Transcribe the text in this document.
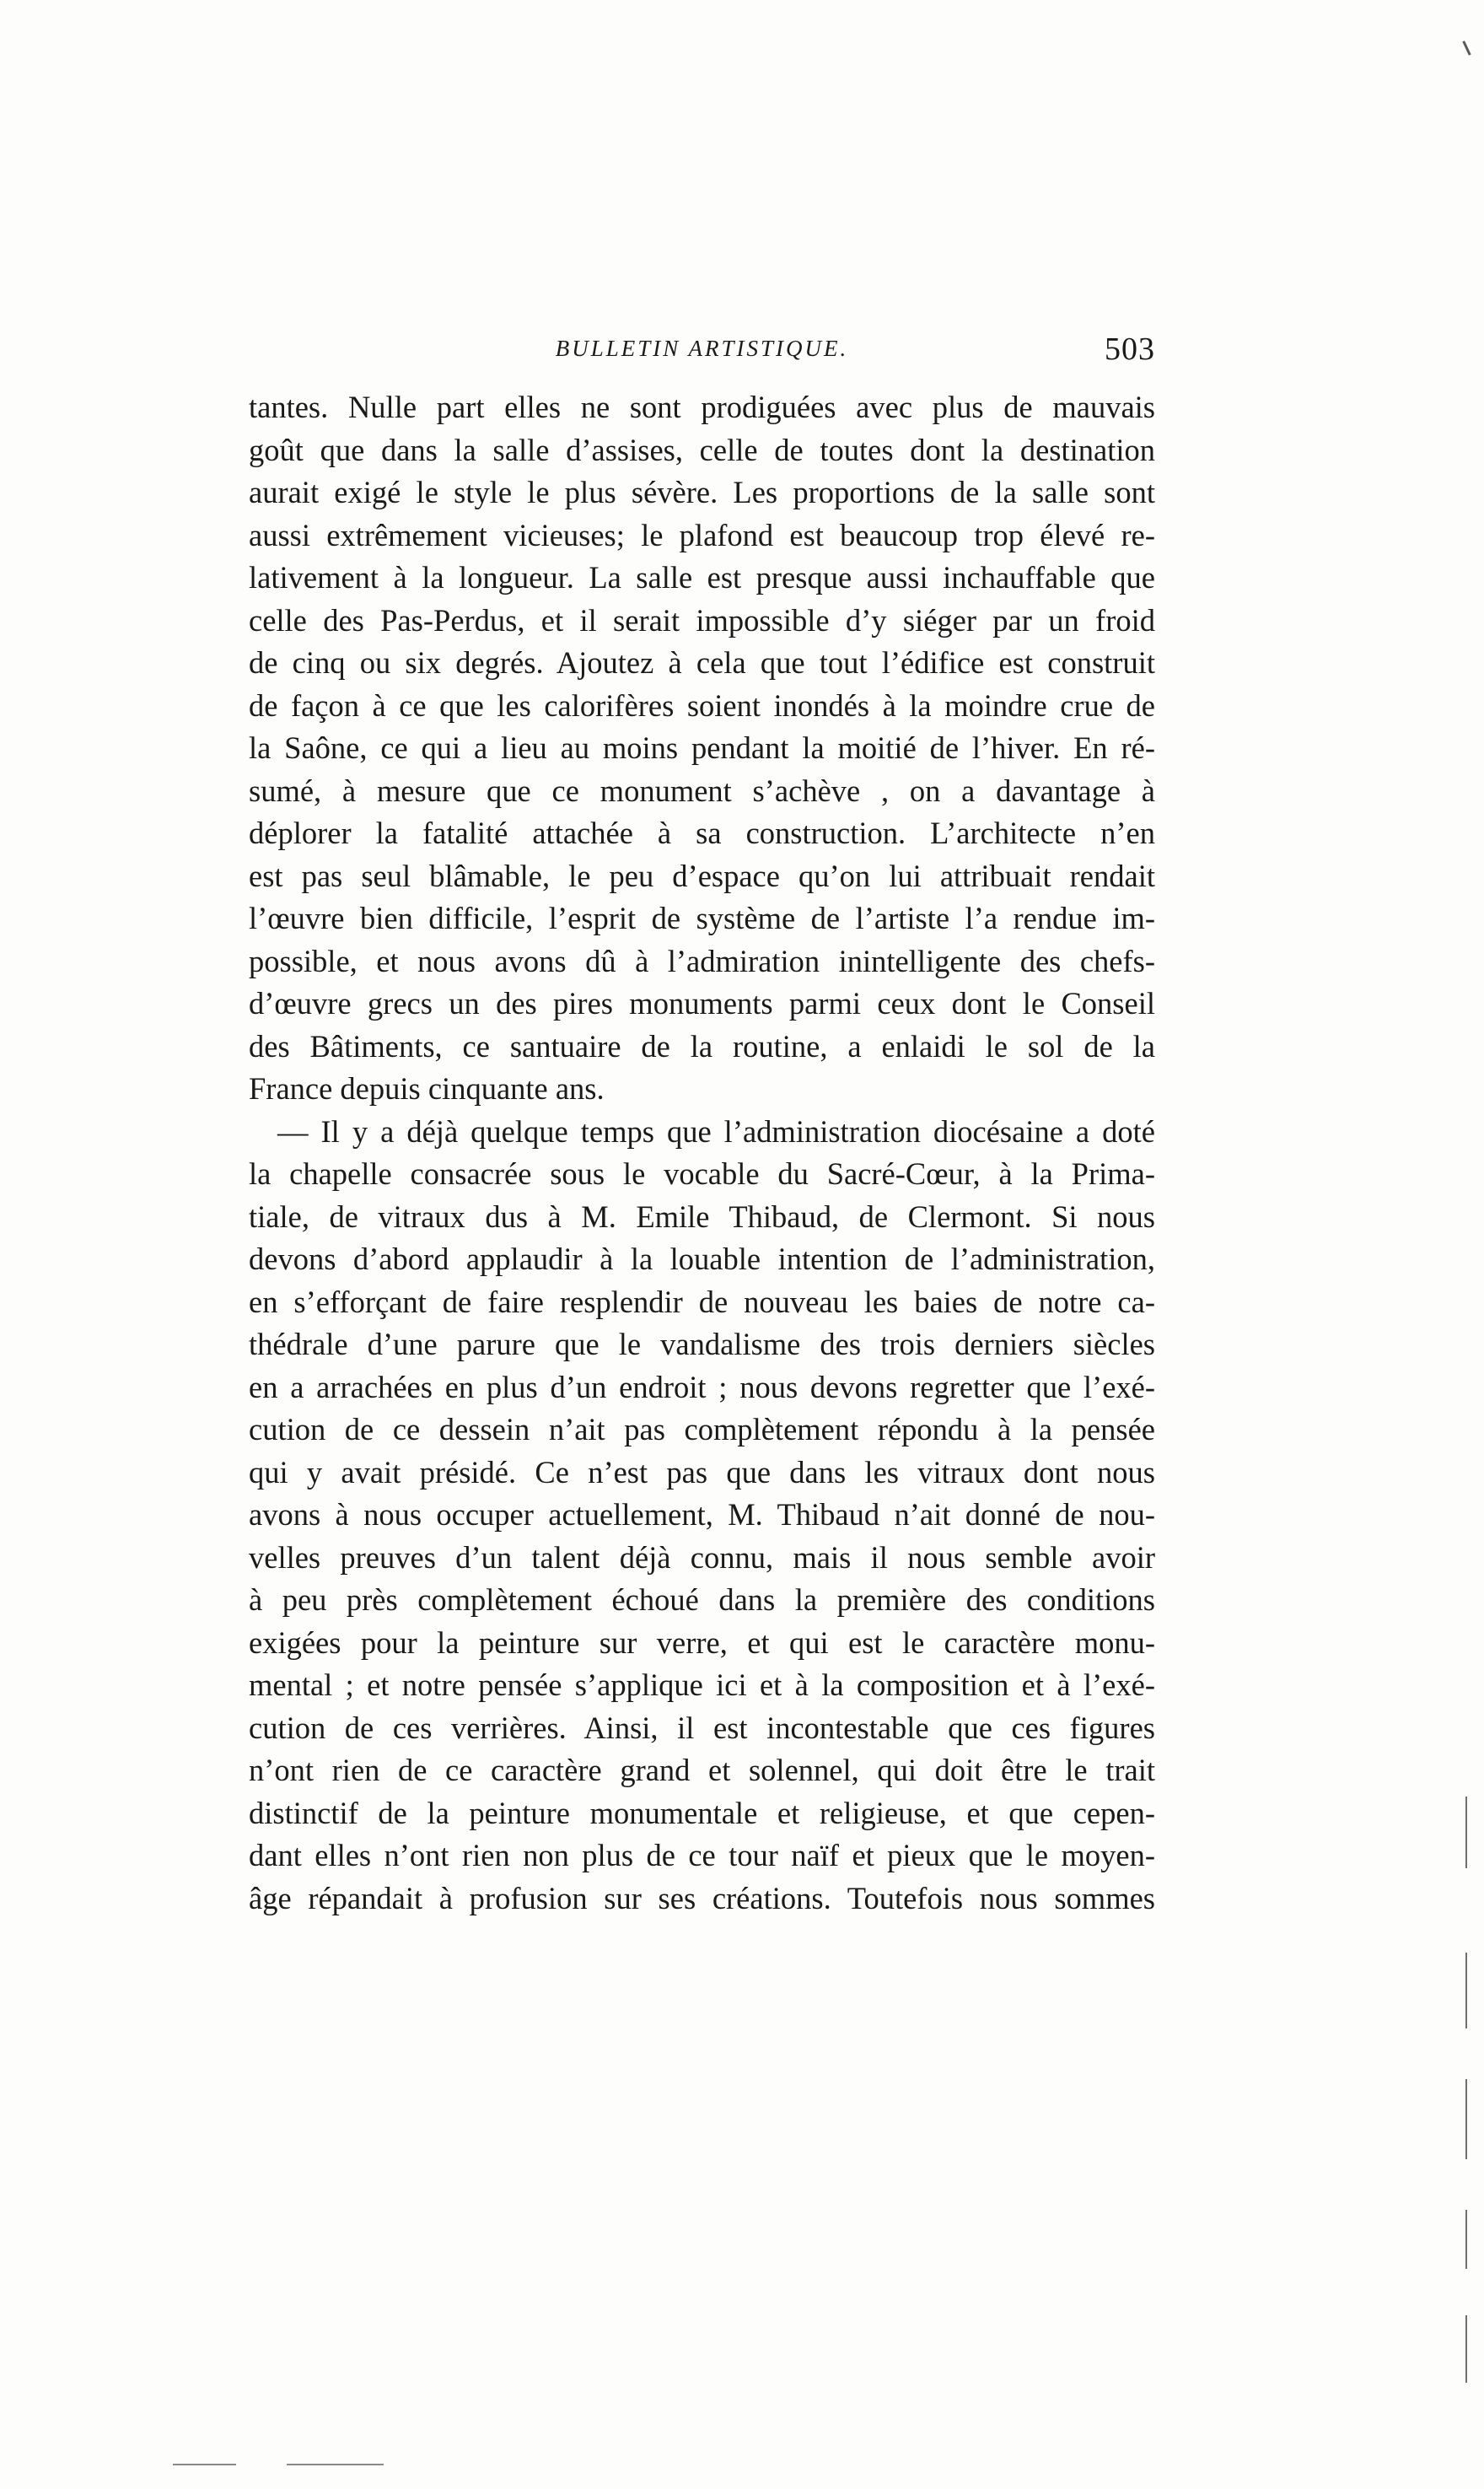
BULLETIN ARTISTIQUE.	503
tantes. Nulle part elles ne sont prodiguées avec plus de mauvais
goût que dans la salle d’assises, celle de toutes dont la destination
aurait exigé le style le plus sévère. Les proportions de la salle sont
aussi extrêmement vicieuses; le plafond est beaucoup trop élevé re-
lativement à la longueur. La salle est presque aussi inchauffable que
celle des Pas-Perdus, et il serait impossible d’y siéger par un froid
de cinq ou six degrés. Ajoutez à cela que tout l’édifice est construit
de façon à ce que les calorifères soient inondés à la moindre crue de
la Saône, ce qui a lieu au moins pendant la moitié de l’hiver. En ré-
sumé, à mesure que ce monument s’achève , on a davantage à
déplorer la fatalité attachée à sa construction. L’architecte n’en
est pas seul blâmable, le peu d’espace qu’on lui attribuait rendait
l’œuvre bien difficile, l’esprit de système de l’artiste l’a rendue im-
possible, et nous avons dû à l’admiration inintelligente des chefs-
d’œuvre grecs un des pires monuments parmi ceux dont le Conseil
des Bâtiments, ce santuaire de la routine, a enlaidi le sol de la
France depuis cinquante ans.
— Il y a déjà quelque temps que l’administration diocésaine a doté
la chapelle consacrée sous le vocable du Sacré-Cœur, à la Prima-
tiale, de vitraux dus à M. Emile Thibaud, de Clermont. Si nous
devons d’abord applaudir à la louable intention de l’administration,
en s’efforçant de faire resplendir de nouveau les baies de notre ca-
thédrale d’une parure que le vandalisme des trois derniers siècles
en a arrachées en plus d’un endroit ; nous devons regretter que l’exé-
cution de ce dessein n’ait pas complètement répondu à la pensée
qui y avait présidé. Ce n’est pas que dans les vitraux dont nous
avons à nous occuper actuellement, M. Thibaud n’ait donné de nou-
velles preuves d’un talent déjà connu, mais il nous semble avoir
à peu près complètement échoué dans la première des conditions
exigées pour la peinture sur verre, et qui est le caractère monu-
mental ; et notre pensée s’applique ici et à la composition et à l’exé-
cution de ces verrières. Ainsi, il est incontestable que ces figures
n’ont rien de ce caractère grand et solennel, qui doit être le trait
distinctif de la peinture monumentale et religieuse, et que cepen-
dant elles n’ont rien non plus de ce tour naïf et pieux que le moyen-
âge répandait à profusion sur ses créations. Toutefois nous sommes
